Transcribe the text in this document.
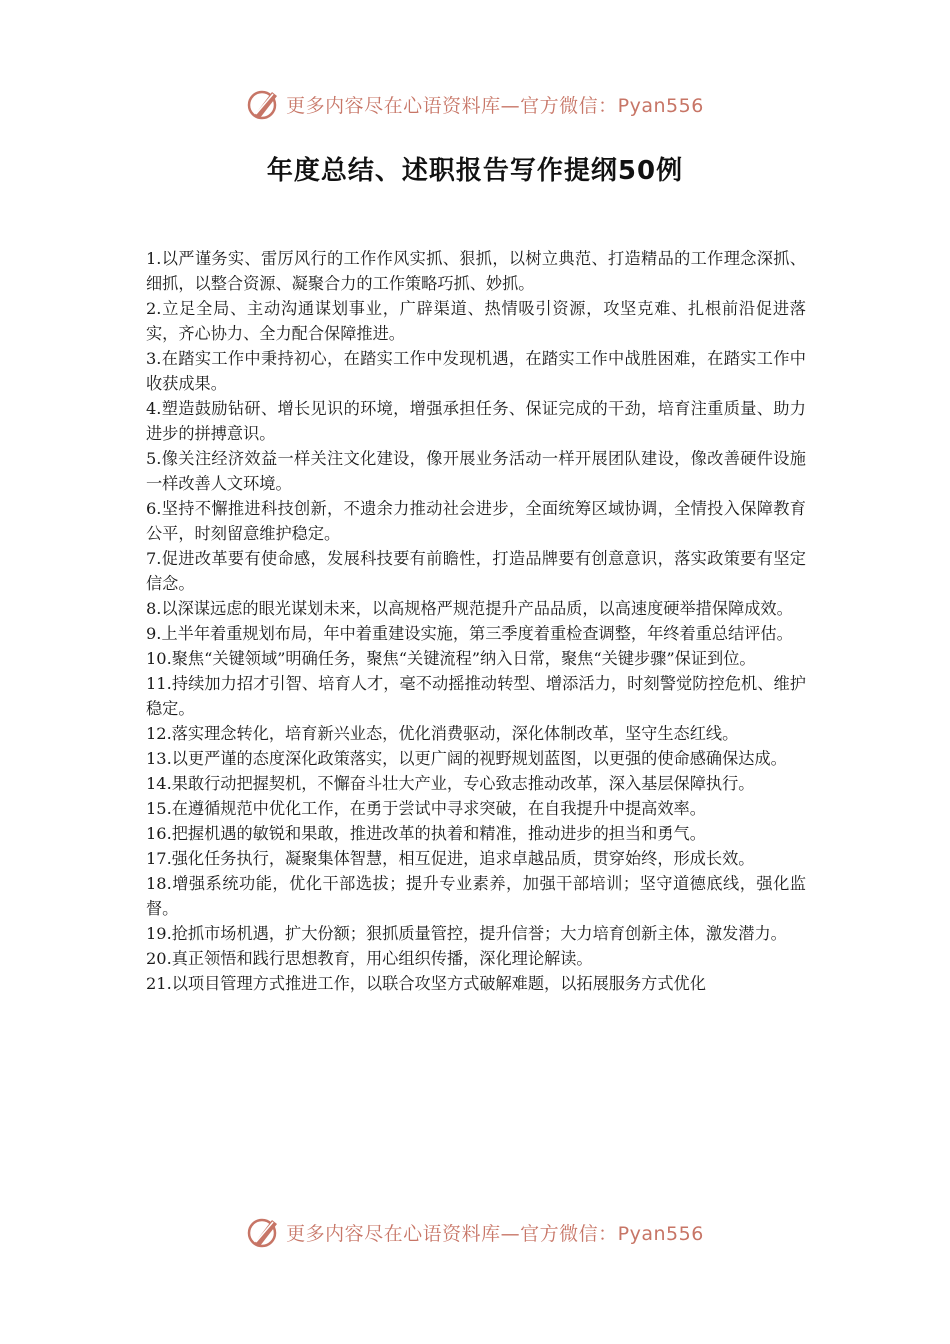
更多内容尽在心语资料库—官方微信：Pyan556
年度总结、述职报告写作提纲50例

1.以严谨务实、雷厉风行的工作作风实抓、狠抓，以树立典范、打造精品的工作理念深抓、细抓，以整合资源、凝聚合力的工作策略巧抓、妙抓。

2.立足全局、主动沟通谋划事业，广辟渠道、热情吸引资源，攻坚克难、扎根前沿促进落实，齐心协力、全力配合保障推进。

3.在踏实工作中秉持初心，在踏实工作中发现机遇，在踏实工作中战胜困难，在踏实工作中收获成果。

4.塑造鼓励钻研、增长见识的环境，增强承担任务、保证完成的干劲，培育注重质量、助力进步的拼搏意识。

5.像关注经济效益一样关注文化建设，像开展业务活动一样开展团队建设，像改善硬件设施一样改善人文环境。

6.坚持不懈推进科技创新，不遗余力推动社会进步，全面统筹区域协调，全情投入保障教育公平，时刻留意维护稳定。

7.促进改革要有使命感，发展科技要有前瞻性，打造品牌要有创意意识，落实政策要有坚定信念。

8.以深谋远虑的眼光谋划未来，以高规格严规范提升产品品质，以高速度硬举措保障成效。

9.上半年着重规划布局，年中着重建设实施，第三季度着重检查调整，年终着重总结评估。

10.聚焦“关键领域”明确任务，聚焦“关键流程”纳入日常，聚焦“关键步骤”保证到位。

11.持续加力招才引智、培育人才，毫不动摇推动转型、增添活力，时刻警觉防控危机、维护稳定。

12.落实理念转化，培育新兴业态，优化消费驱动，深化体制改革，坚守生态红线。

13.以更严谨的态度深化政策落实，以更广阔的视野规划蓝图，以更强的使命感确保达成。

14.果敢行动把握契机，不懈奋斗壮大产业，专心致志推动改革，深入基层保障执行。

15.在遵循规范中优化工作，在勇于尝试中寻求突破，在自我提升中提高效率。

16.把握机遇的敏锐和果敢，推进改革的执着和精准，推动进步的担当和勇气。

17.强化任务执行，凝聚集体智慧，相互促进，追求卓越品质，贯穿始终，形成长效。

18.增强系统功能，优化干部选拔；提升专业素养，加强干部培训；坚守道德底线，强化监督。

19.抢抓市场机遇，扩大份额；狠抓质量管控，提升信誉；大力培育创新主体，激发潜力。

20.真正领悟和践行思想教育，用心组织传播，深化理论解读。

21.以项目管理方式推进工作，以联合攻坚方式破解难题，以拓展服务方式优化

更多内容尽在心语资料库—官方微信：Pyan556
